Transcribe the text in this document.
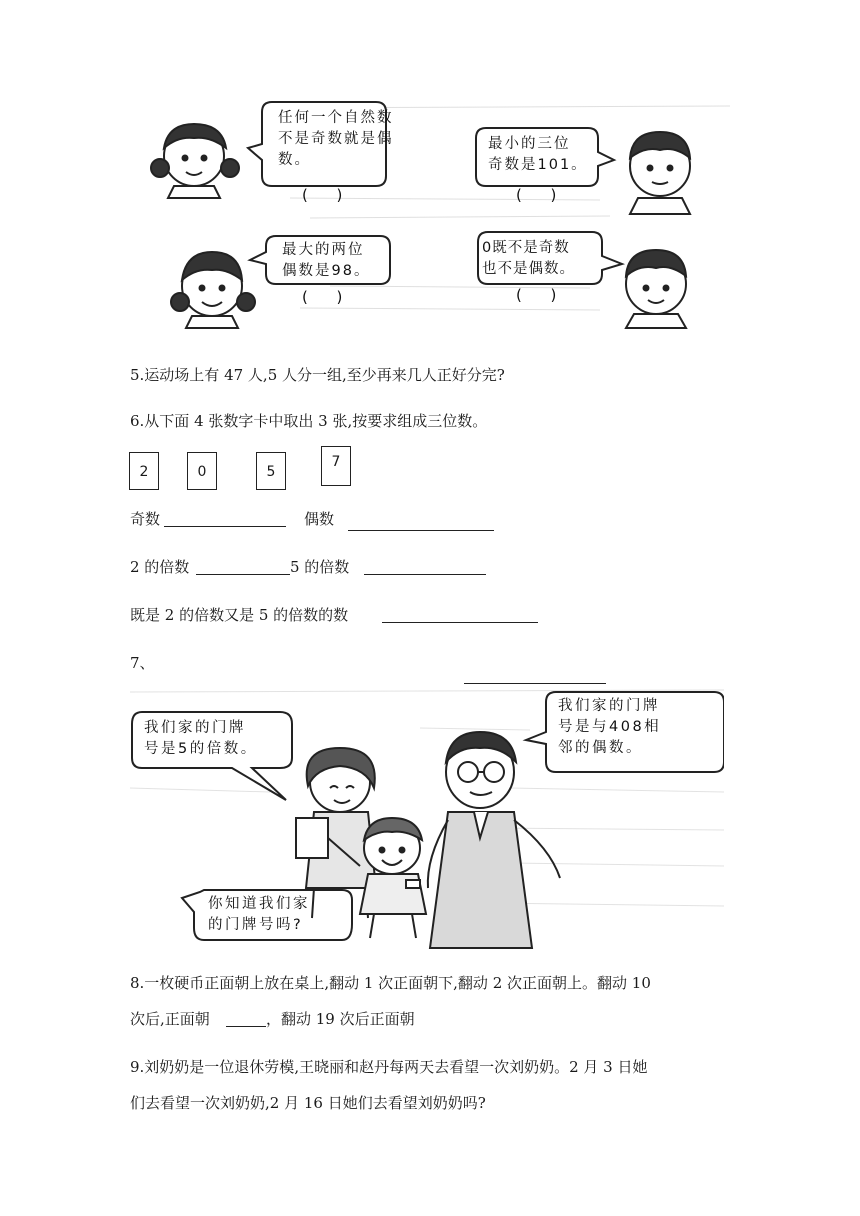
任何一个自然数
不是奇数就是偶
数。
最小的三位
奇数是101。
最大的两位
偶数是98。
0既不是奇数
也不是偶数。
(      )	(      )
(      )	(      )
5.运动场上有 47 人,5 人分一组,至少再来几人正好分完?
6.从下面 4 张数字卡中取出 3 张,按要求组成三位数。
2	0	5
7
奇数	偶数
2 的倍数	5 的倍数
既是 2 的倍数又是 5 的倍数的数
7、
我们家的门牌
号是5的倍数。
我们家的门牌
号是与408相
邻的偶数。
你知道我们家
的门牌号吗?
8.一枚硬币正面朝上放在桌上,翻动 1 次正面朝下,翻动 2 次正面朝上。翻动 10
次后,正面朝	，翻动 19 次后正面朝
9.刘奶奶是一位退休劳模,王晓丽和赵丹每两天去看望一次刘奶奶。2 月 3 日她
们去看望一次刘奶奶,2 月 16 日她们去看望刘奶奶吗?
